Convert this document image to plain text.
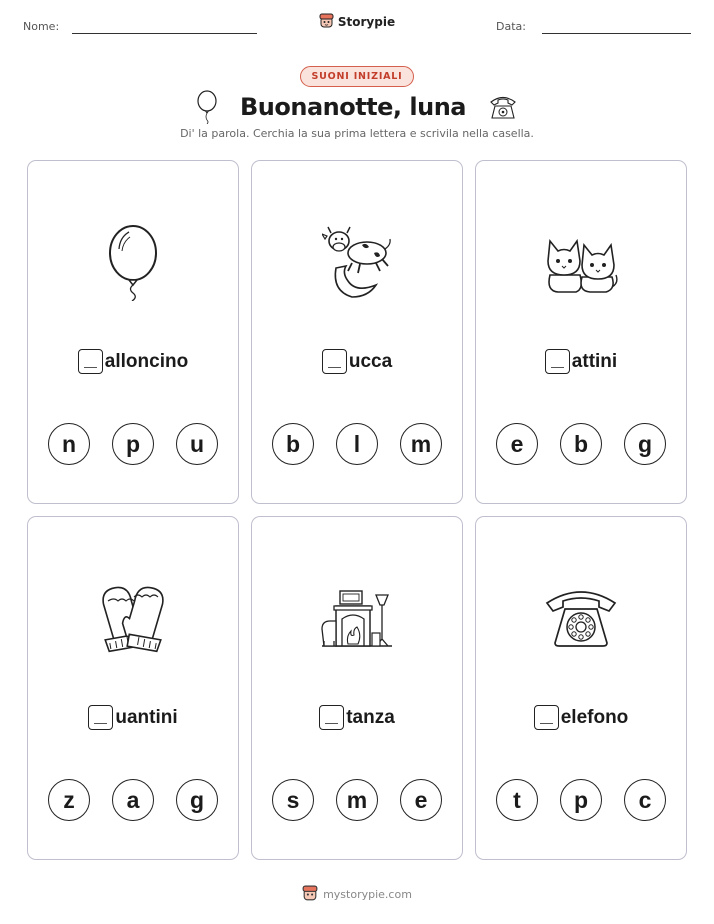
Nome:	Data:
Storypie
SUONI INIZIALI
Buonanotte, luna
Di' la parola. Cerchia la sua prima lettera e scrivila nella casella.
alloncino
n	p	u
ucca
b	l	m
attini
e	b	g
uantini
z	a	g
tanza
s	m	e
elefono
t	p	c
mystorypie.com
